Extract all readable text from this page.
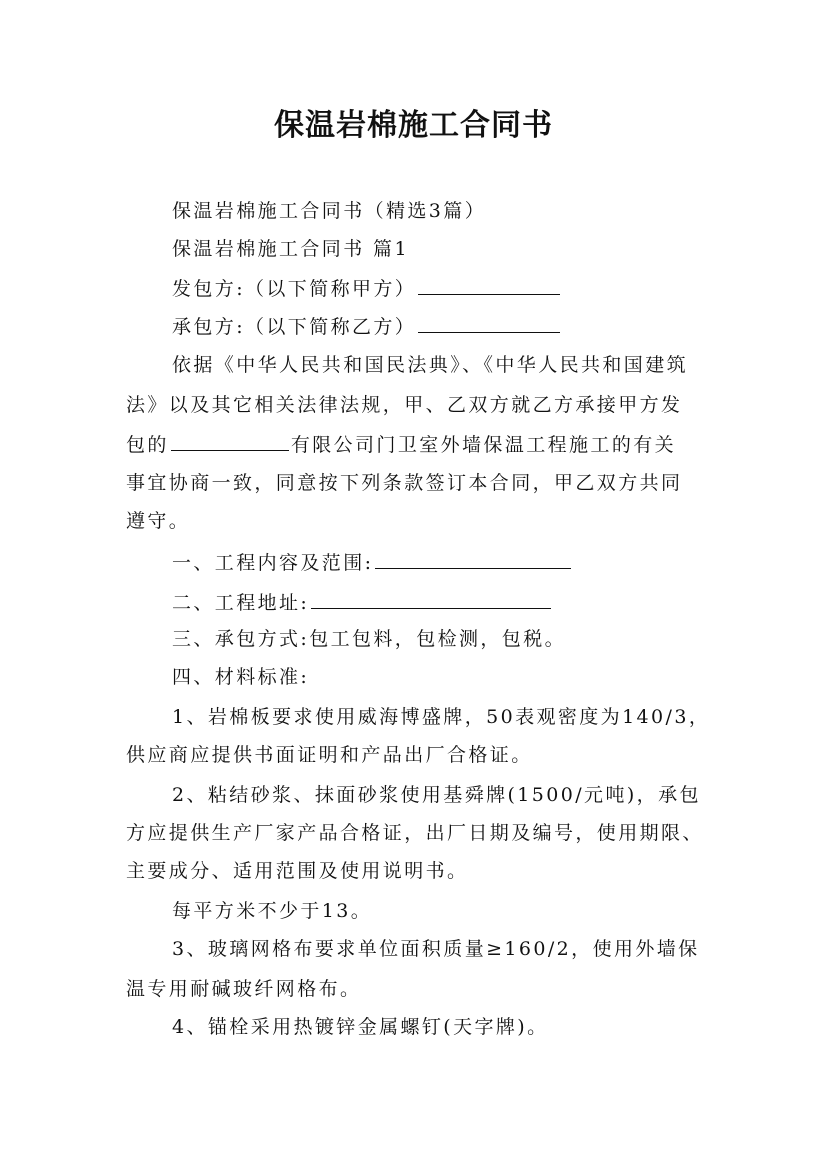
保温岩棉施工合同书
保温岩棉施工合同书（精选3篇）
保温岩棉施工合同书 篇1
发包方:（以下简称甲方）
承包方:（以下简称乙方）
依据《中华人民共和国民法典》、《中华人民共和国建筑
法》以及其它相关法律法规，甲、乙双方就乙方承接甲方发
包的	有限公司门卫室外墙保温工程施工的有关
事宜协商一致，同意按下列条款签订本合同，甲乙双方共同
遵守。
一、工程内容及范围:
二、工程地址:
三、承包方式:包工包料，包检测，包税。
四、材料标准:
1、岩棉板要求使用威海博盛牌，50表观密度为140/3，
供应商应提供书面证明和产品出厂合格证。
2、粘结砂浆、抹面砂浆使用基舜牌(1500/元吨)，承包
方应提供生产厂家产品合格证，出厂日期及编号，使用期限、
主要成分、适用范围及使用说明书。
每平方米不少于13。
3、玻璃网格布要求单位面积质量≥160/2，使用外墙保
温专用耐碱玻纤网格布。
4、锚栓采用热镀锌金属螺钉(天字牌)。
